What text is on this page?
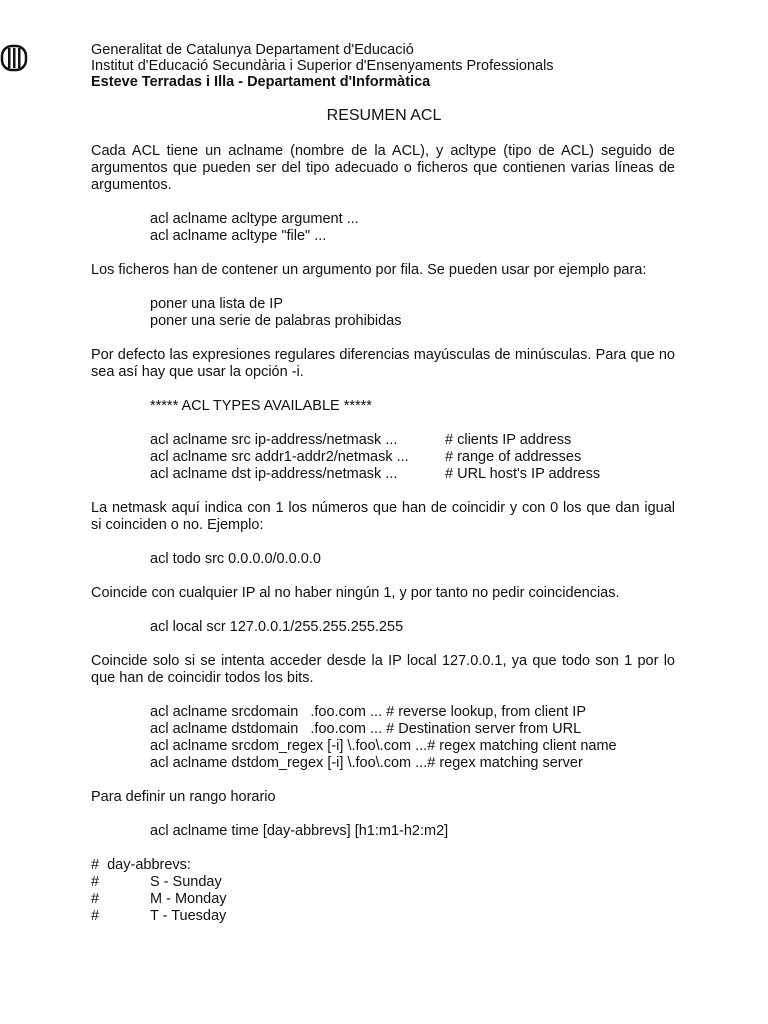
Generalitat de Catalunya Departament d'Educació
Institut d'Educació Secundària i Superior d'Ensenyaments Professionals
Esteve Terradas i Illa - Departament d'Informàtica
RESUMEN ACL

Cada ACL tiene un aclname (nombre de la ACL), y acltype (tipo de ACL) seguido de argumentos que pueden ser del tipo adecuado o ficheros que contienen varias líneas de argumentos.

acl aclname acltype argument ...
acl aclname acltype "file" ...

Los ficheros han de contener un argumento por fila. Se pueden usar por ejemplo para:

poner una lista de IP
poner una serie de palabras prohibidas

Por defecto las expresiones regulares diferencias mayúsculas de minúsculas. Para que no sea así hay que usar la opción -i.

***** ACL TYPES AVAILABLE *****
acl aclname src ip-address/netmask ...	# clients IP address
acl aclname src addr1-addr2/netmask ...	# range of addresses
acl aclname dst ip-address/netmask ...	# URL host's IP address

La netmask aquí indica con 1 los números que han de coincidir y con 0 los que dan igual si coinciden o no. Ejemplo:

acl todo src 0.0.0.0/0.0.0.0

Coincide con cualquier IP al no haber ningún 1, y por tanto no pedir coincidencias.

acl local scr 127.0.0.1/255.255.255.255

Coincide solo si se intenta acceder desde la IP local 127.0.0.1, ya que todo son 1 por lo que han de coincidir todos los bits.

acl aclname srcdomain   .foo.com ... # reverse lookup, from client IP
acl aclname dstdomain   .foo.com ... # Destination server from URL
acl aclname srcdom_regex [-i] \.foo\.com ...# regex matching client name
acl aclname dstdom_regex [-i] \.foo\.com ...# regex matching server

Para definir un rango horario

acl aclname time [day-abbrevs] [h1:m1-h2:m2]
#  day-abbrevs:
#	S - Sunday
#	M - Monday
#	T - Tuesday
